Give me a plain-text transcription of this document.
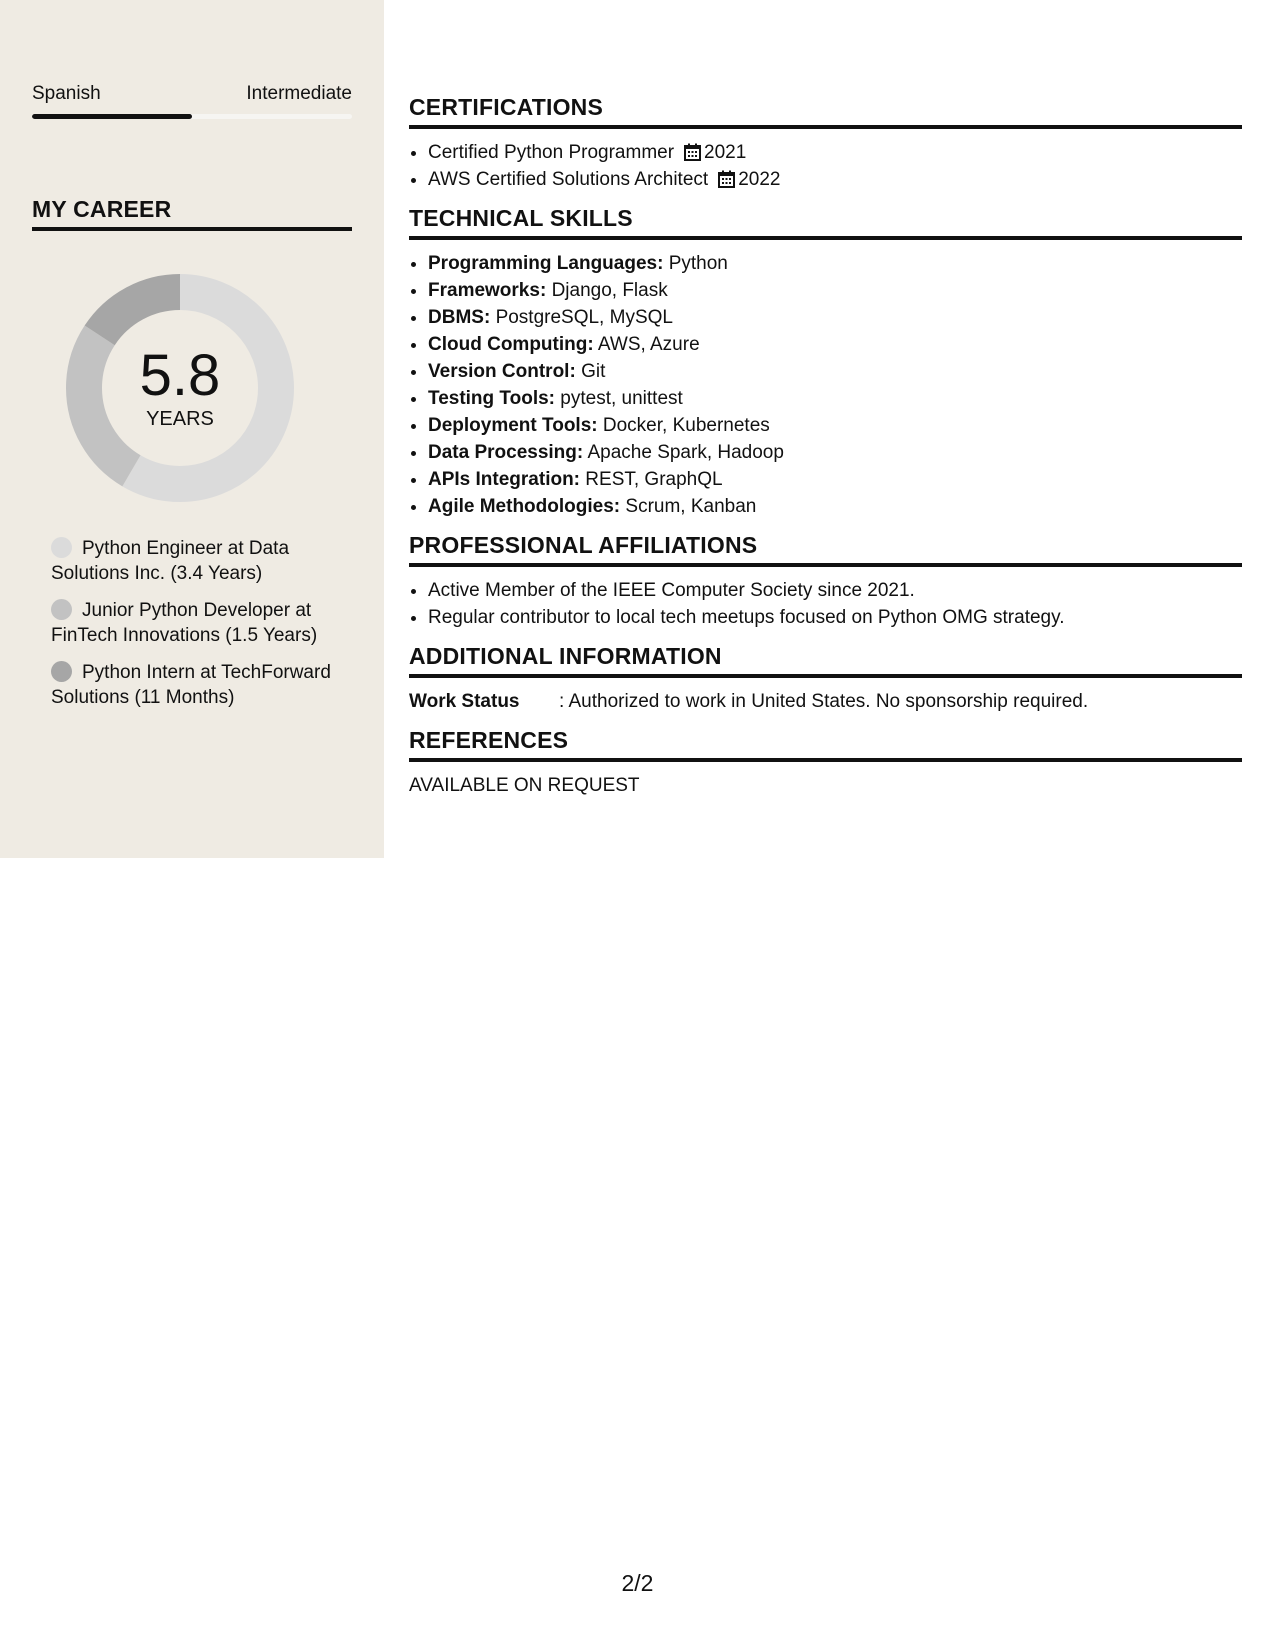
Spanish	Intermediate
MY CAREER
5.8
YEARS
Python Engineer at Data Solutions Inc. (3.4 Years)
Junior Python Developer at FinTech Innovations (1.5 Years)
Python Intern at TechForward Solutions (11 Months)
CERTIFICATIONS
• Certified Python Programmer 2021
• AWS Certified Solutions Architect 2022
TECHNICAL SKILLS
• Programming Languages: Python
• Frameworks: Django, Flask
• DBMS: PostgreSQL, MySQL
• Cloud Computing: AWS, Azure
• Version Control: Git
• Testing Tools: pytest, unittest
• Deployment Tools: Docker, Kubernetes
• Data Processing: Apache Spark, Hadoop
• APIs Integration: REST, GraphQL
• Agile Methodologies: Scrum, Kanban
PROFESSIONAL AFFILIATIONS
• Active Member of the IEEE Computer Society since 2021.
• Regular contributor to local tech meetups focused on Python OMG strategy.
ADDITIONAL INFORMATION
Work Status	: Authorized to work in United States. No sponsorship required.
REFERENCES
AVAILABLE ON REQUEST
2/2
